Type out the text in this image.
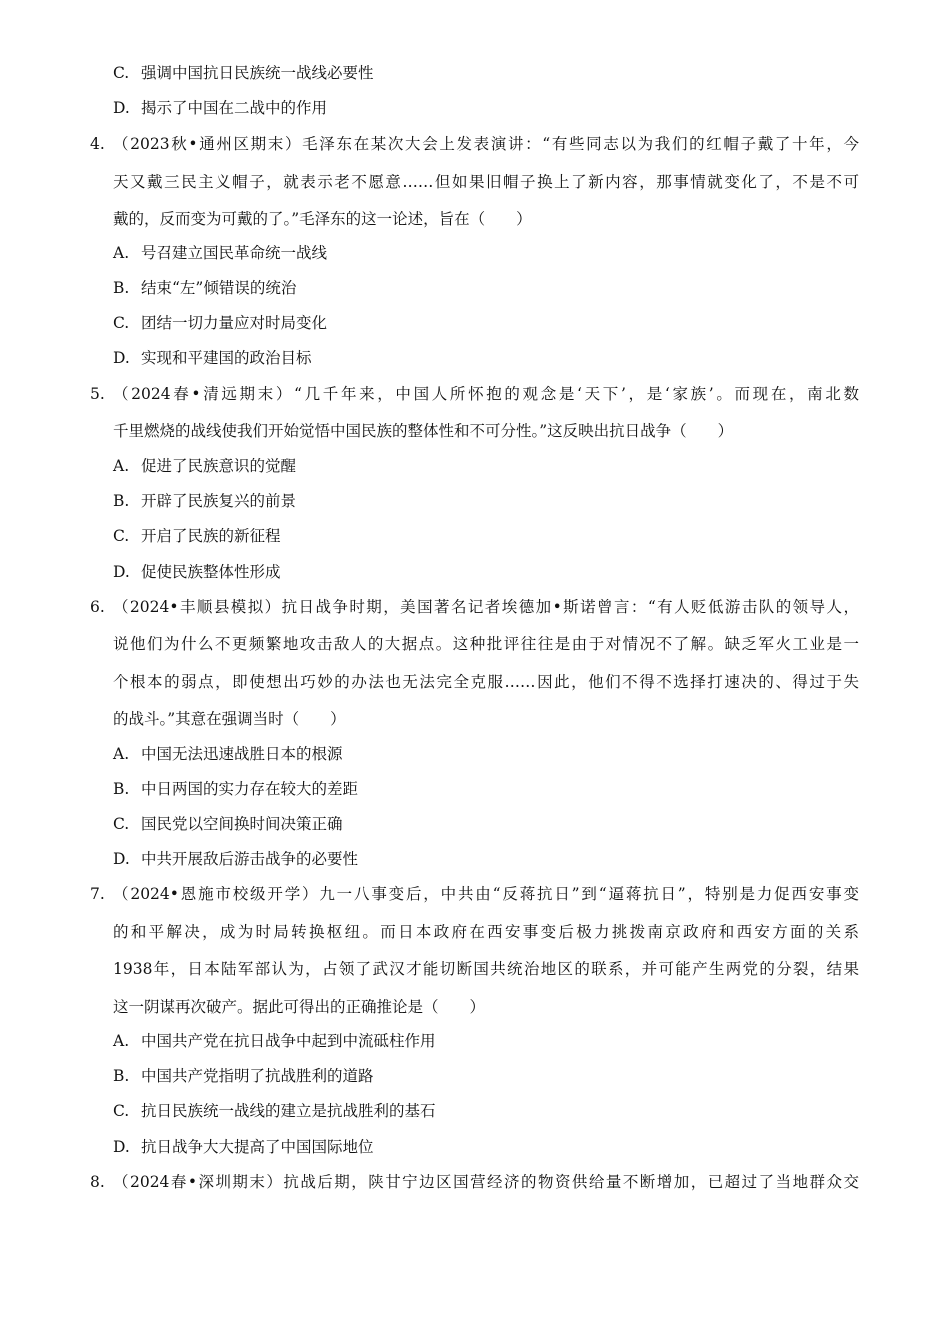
C. 强调中国抗日民族统一战线必要性
D. 揭示了中国在二战中的作用
4. （2023秋•通州区期末）毛泽东在某次大会上发表演讲：“有些同志以为我们的红帽子戴了十年，今
天又戴三民主义帽子，就表示老不愿意……但如果旧帽子换上了新内容，那事情就变化了，不是不可
戴的，反而变为可戴的了。”毛泽东的这一论述，旨在（　　）
A. 号召建立国民革命统一战线
B. 结束“左”倾错误的统治
C. 团结一切力量应对时局变化
D. 实现和平建国的政治目标
5. （2024春•清远期末）“几千年来，中国人所怀抱的观念是‘天下’，是‘家族’。而现在，南北数
千里燃烧的战线使我们开始觉悟中国民族的整体性和不可分性。”这反映出抗日战争（　　）
A. 促进了民族意识的觉醒
B. 开辟了民族复兴的前景
C. 开启了民族的新征程
D. 促使民族整体性形成
6. （2024•丰顺县模拟）抗日战争时期，美国著名记者埃德加•斯诺曾言：“有人贬低游击队的领导人，
说他们为什么不更频繁地攻击敌人的大据点。这种批评往往是由于对情况不了解。缺乏军火工业是一
个根本的弱点，即使想出巧妙的办法也无法完全克服……因此，他们不得不选择打速决的、得过于失
的战斗。”其意在强调当时（　　）
A. 中国无法迅速战胜日本的根源
B. 中日两国的实力存在较大的差距
C. 国民党以空间换时间决策正确
D. 中共开展敌后游击战争的必要性
7. （2024•恩施市校级开学）九一八事变后，中共由“反蒋抗日”到“逼蒋抗日”，特别是力促西安事变
的和平解决，成为时局转换枢纽。而日本政府在西安事变后极力挑拨南京政府和西安方面的关系
1938年，日本陆军部认为，占领了武汉才能切断国共统治地区的联系，并可能产生两党的分裂，结果
这一阴谋再次破产。据此可得出的正确推论是（　　）
A. 中国共产党在抗日战争中起到中流砥柱作用
B. 中国共产党指明了抗战胜利的道路
C. 抗日民族统一战线的建立是抗战胜利的基石
D. 抗日战争大大提高了中国国际地位
8. （2024春•深圳期末）抗战后期，陕甘宁边区国营经济的物资供给量不断增加，已超过了当地群众交
